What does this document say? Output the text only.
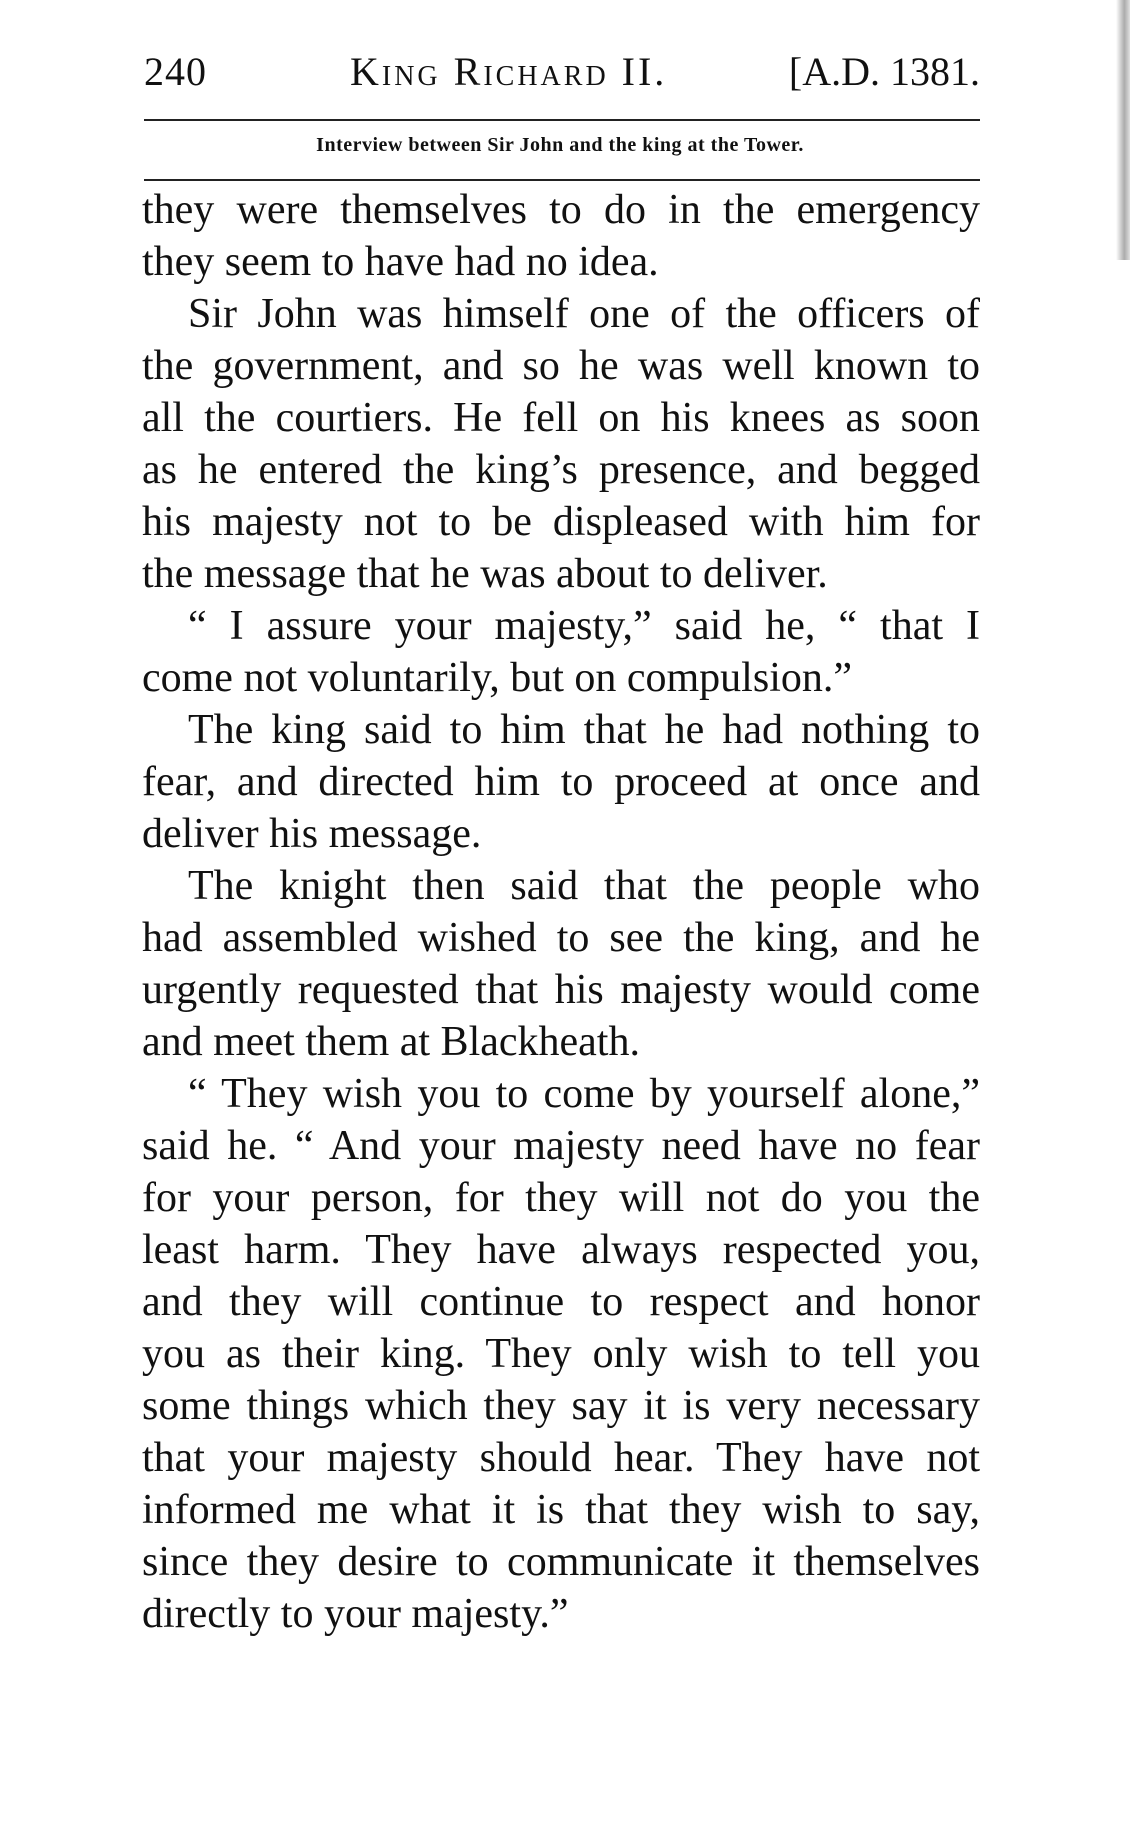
240	King Richard II.	[A.D. 1381.
Interview between Sir John and the king at the Tower.
they were themselves to do in the emergency
they seem to have had no idea.
Sir John was himself one of the officers of
the government, and so he was well known to
all the courtiers. He fell on his knees as soon
as he entered the king’s presence, and begged
his majesty not to be displeased with him for
the message that he was about to deliver.
“ I assure your majesty,” said he, “ that I
come not voluntarily, but on compulsion.”
The king said to him that he had nothing to
fear, and directed him to proceed at once and
deliver his message.
The knight then said that the people who
had assembled wished to see the king, and he
urgently requested that his majesty would come
and meet them at Blackheath.
“ They wish you to come by yourself alone,”
said he. “ And your majesty need have no fear
for your person, for they will not do you the
least harm. They have always respected you,
and they will continue to respect and honor
you as their king. They only wish to tell you
some things which they say it is very necessary
that your majesty should hear. They have not
informed me what it is that they wish to say,
since they desire to communicate it themselves
directly to your majesty.”
